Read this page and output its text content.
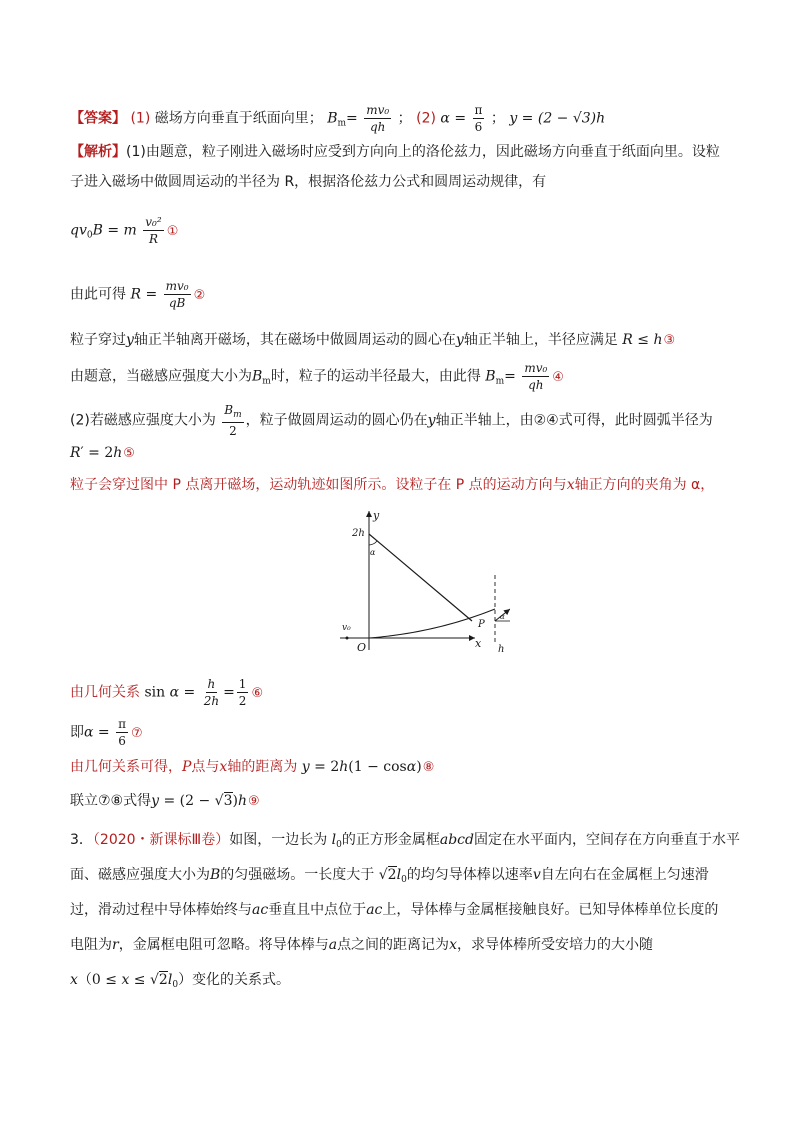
【答案】 (1) 磁场方向垂直于纸面向里； $B_m= \frac{\text{mv₀}}{qh}$ ； (2) $\alpha = \frac{\pi}{6}$ ； y = (2 − √3)h
【解析】(1)由题意，粒子刚进入磁场时应受到方向向上的洛伦兹力，因此磁场方向垂直于纸面向里。设粒
子进入磁场中做圆周运动的半径为 R，根据洛伦兹力公式和圆周运动规律，有
$qv_0B = m \frac{\text{v₀²}}{R}$ ①
由此可得 $R = \frac{\text{mv₀}}{qB}$ ②
粒子穿过y轴正半轴离开磁场，其在磁场中做圆周运动的圆心在y轴正半轴上，半径应满足 R ≤ h③
由题意，当磁感应强度大小为$B_m$时，粒子的运动半径最大，由此得 $B_m= \frac{\text{mv₀}}{qh}$ ④
(2)若磁感应强度大小为 $\frac{B_m}{2}$ ，粒子做圆周运动的圆心仍在y轴正半轴上，由②④式可得，此时圆弧半径为
R′ = 2h⑤
粒子会穿过图中 P 点离开磁场，运动轨迹如图所示。设粒子在 P 点的运动方向与x轴正方向的夹角为 α，
y
x
O
2h
h
v₀	P
α
α
由几何关系 $\sin \alpha = \frac{h}{2h} = \frac{1}{2}$ ⑥
即$\alpha = \frac{\pi}{6}$ ⑦
由几何关系可得，P点与x轴的距离为 y = 2h(1 − cosα)⑧
联立⑦⑧式得y = (2 − √3)h⑨
3．（2020・新课标Ⅲ卷）如图，一边长为 $l_0$的正方形金属框abcd固定在水平面内，空间存在方向垂直于水平
面、磁感应强度大小为B的匀强磁场。一长度大于 $√2l_0$的均匀导体棒以速率v自左向右在金属框上匀速滑
过，滑动过程中导体棒始终与ac垂直且中点位于ac上，导体棒与金属框接触良好。已知导体棒单位长度的
电阻为r，金属框电阻可忽略。将导体棒与a点之间的距离记为x，求导体棒所受安培力的大小随
$x(0 \le x \le √2l_0)$变化的关系式。
